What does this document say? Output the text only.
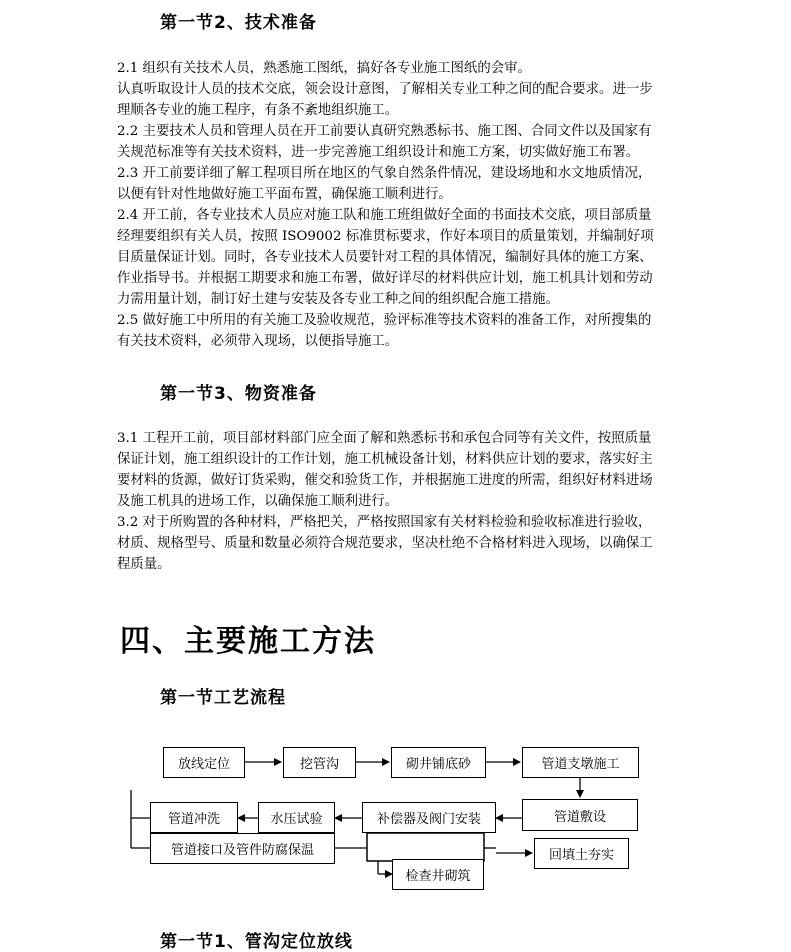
第一节2、技术准备
2.1 组织有关技术人员，熟悉施工图纸，搞好各专业施工图纸的会审。
认真听取设计人员的技术交底，领会设计意图，了解相关专业工种之间的配合要求。进一步
理顺各专业的施工程序，有条不紊地组织施工。
2.2 主要技术人员和管理人员在开工前要认真研究熟悉标书、施工图、合同文件以及国家有
关规范标准等有关技术资料，进一步完善施工组织设计和施工方案，切实做好施工布署。
2.3 开工前要详细了解工程项目所在地区的气象自然条件情况，建设场地和水文地质情况，
以便有针对性地做好施工平面布置，确保施工顺利进行。
2.4 开工前，各专业技术人员应对施工队和施工班组做好全面的书面技术交底，项目部质量
经理要组织有关人员，按照 ISO9002 标准贯标要求，作好本项目的质量策划，并编制好项
目质量保证计划。同时，各专业技术人员要针对工程的具体情况，编制好具体的施工方案、
作业指导书。并根据工期要求和施工布署，做好详尽的材料供应计划，施工机具计划和劳动
力需用量计划，制订好土建与安装及各专业工种之间的组织配合施工措施。
2.5 做好施工中所用的有关施工及验收规范，验评标准等技术资料的准备工作，对所搜集的
有关技术资料，必须带入现场，以便指导施工。
第一节3、物资准备
3.1 工程开工前，项目部材料部门应全面了解和熟悉标书和承包合同等有关文件，按照质量
保证计划，施工组织设计的工作计划，施工机械设备计划，材料供应计划的要求，落实好主
要材料的货源，做好订货采购，催交和验货工作，并根据施工进度的所需，组织好材料进场
及施工机具的进场工作，以确保施工顺利进行。
3.2 对于所购置的各种材料，严格把关，严格按照国家有关材料检验和验收标准进行验收，
材质、规格型号、质量和数量必须符合规范要求，坚决杜绝不合格材料进入现场，以确保工
程质量。
四、主要施工方法
第一节工艺流程
放线定位	挖管沟	砌井铺底砂	管道支墩施工
管道敷设
补偿器及阀门安装
水压试验
管道冲洗
管道接口及管件防腐保温	回填土夯实
检查井砌筑
第一节1、管沟定位放线
